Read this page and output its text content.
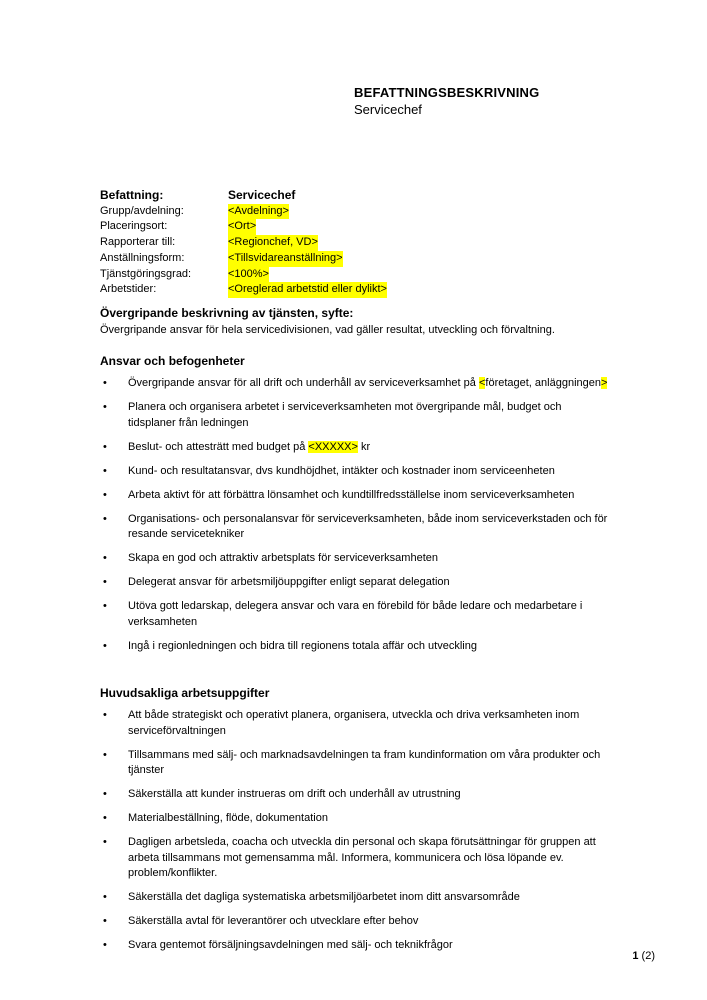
BEFATTNINGSBESKRIVNING
Servicechef
Befattning:	Servicechef
Grupp/avdelning:	<Avdelning>
Placeringsort:	<Ort>
Rapporterar till:	<Regionchef, VD>
Anställningsform:	<Tillsvidareanställning>
Tjänstgöringsgrad:	<100%>
Arbetstider:	<Oreglerad arbetstid eller dylikt>
Övergripande beskrivning av tjänsten, syfte:
Övergripande ansvar för hela servicedivisionen, vad gäller resultat, utveckling och förvaltning.
Ansvar och befogenheter
•	Övergripande ansvar för all drift och underhåll av serviceverksamhet på <företaget, anläggningen>
•	Planera och organisera arbetet i serviceverksamheten mot övergripande mål, budget och tidsplaner från ledningen
•	Beslut- och attesträtt med budget på <XXXXX> kr
•	Kund- och resultatansvar, dvs kundhöjdhet, intäkter och kostnader inom serviceenheten
•	Arbeta aktivt för att förbättra lönsamhet och kundtillfredsställelse inom serviceverksamheten
•	Organisations- och personalansvar för serviceverksamheten, både inom serviceverkstaden och för resande servicetekniker
•	Skapa en god och attraktiv arbetsplats för serviceverksamheten
•	Delegerat ansvar för arbetsmiljöuppgifter enligt separat delegation
•	Utöva gott ledarskap, delegera ansvar och vara en förebild för både ledare och medarbetare i verksamheten
•	Ingå i regionledningen och bidra till regionens totala affär och utveckling
Huvudsakliga arbetsuppgifter
•	Att både strategiskt och operativt planera, organisera, utveckla och driva verksamheten inom serviceförvaltningen
•	Tillsammans med sälj- och marknadsavdelningen ta fram kundinformation om våra produkter och tjänster
•	Säkerställa att kunder instrueras om drift och underhåll av utrustning
•	Materialbeställning, flöde, dokumentation
•	Dagligen arbetsleda, coacha och utveckla din personal och skapa förutsättningar för gruppen att arbeta tillsammans mot gemensamma mål. Informera, kommunicera och lösa löpande ev. problem/konflikter.
•	Säkerställa det dagliga systematiska arbetsmiljöarbetet inom ditt ansvarsområde
•	Säkerställa avtal för leverantörer och utvecklare efter behov
•	Svara gentemot försäljningsavdelningen med sälj- och teknikfrågor
1 (2)
